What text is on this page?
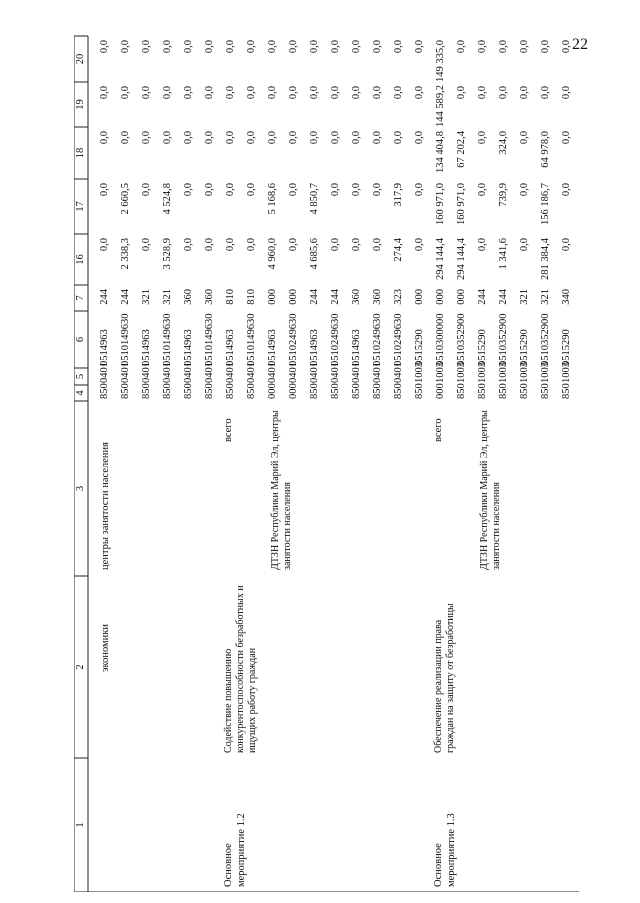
22
экономики
центры занятости населения
Основное мероприятие 1.2
Содействие повышению конкурентоспособности безработных и ищущих работу граждан
всего	ДТЗН Республики Марий Эл, центры занятости населения
Основное мероприятие 1.3
Обеспечение реализации права граждан на защиту от безработицы
всего	ДТЗН Республики Марий Эл, центры занятости населения
1
2
3
4
5
6
7
16
17
18
19
20
850
0401
0514963
244
0,0
0,0
0,0
0,0
0,0
850
0401
0510149630
244
2 338,3
2 660,5
0,0
0,0
0,0
850
0401
0514963
321
0,0
0,0
0,0
0,0
0,0
850
0401
0510149630
321
3 528,9
4 524,8
0,0
0,0
0,0
850
0401
0514963
360
0,0
0,0
0,0
0,0
0,0
850
0401
0510149630
360
0,0
0,0
0,0
0,0
0,0
850
0401
0514963
810
0,0
0,0
0,0
0,0
0,0
850
0401
0510149630
810
0,0
0,0
0,0
0,0
0,0
000
0401
0514963
000
4 960,0
5 168,6
0,0
0,0
0,0
000
0401
0510249630
000
0,0
0,0
0,0
0,0
0,0
850
0401
0514963
244
4 685,6
4 850,7
0,0
0,0
0,0
850
0401
0510249630
244
0,0
0,0
0,0
0,0
0,0
850
0401
0514963
360
0,0
0,0
0,0
0,0
0,0
850
0401
0510249630
360
0,0
0,0
0,0
0,0
0,0
850
0401
0510249630
323
274,4
317,9
0,0
0,0
0,0
850
1003
0515290
000
0,0
0,0
0,0
0,0
0,0
000
1003
0510300000
000
294 144,4
160 971,0
134 404,8
144 589,2
149 335,0
850
1003
0510352900
000
294 144,4
160 971,0
67 202,4
0,0
0,0
850
1003
0515290
244
0,0
0,0
0,0
0,0
0,0
850
1003
0510352900
244
1 341,6
739,9
324,0
0,0
0,0
850
1003
0515290
321
0,0
0,0
0,0
0,0
0,0
850
1003
0510352900
321
281 384,4
156 186,7
64 978,0
0,0
0,0
850
1003
0515290
340
0,0
0,0
0,0
0,0
0,0
